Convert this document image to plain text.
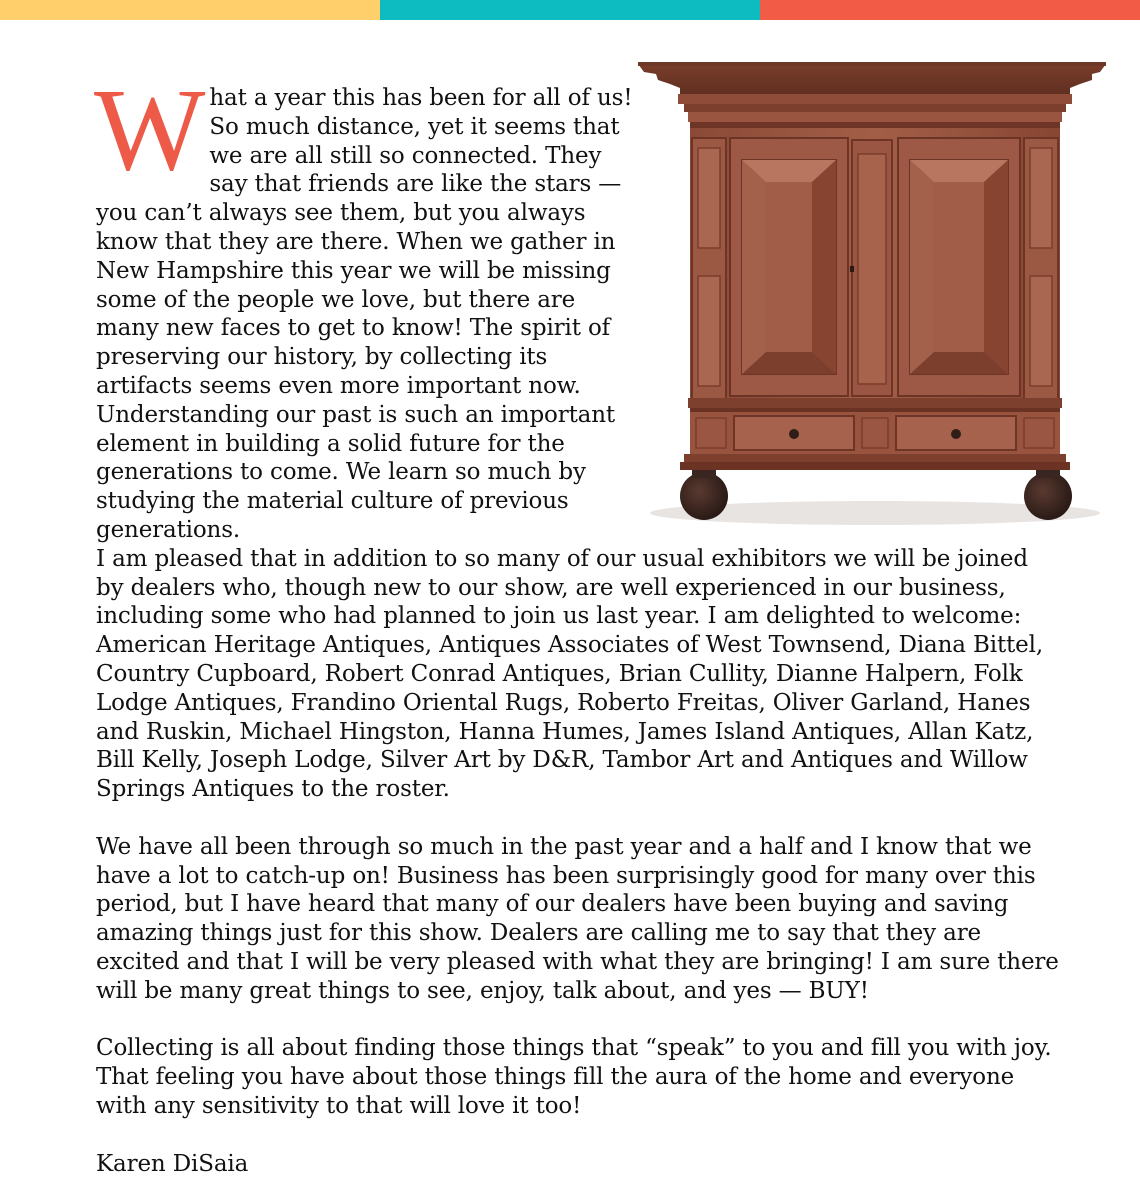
What a year this has been for all of us! So much distance, yet it seems that we are all still so connected. They say that friends are like the stars — you can’t always see them, but you always know that they are there. When we gather in New Hampshire this year we will be missing some of the people we love, but there are many new faces to get to know! The spirit of preserving our history, by collecting its artifacts seems even more important now. Understanding our past is such an important element in building a solid future for the generations to come. We learn so much by studying the material culture of previous generations.

I am pleased that in addition to so many of our usual exhibitors we will be joined by dealers who, though new to our show, are well experienced in our business, including some who had planned to join us last year. I am delighted to welcome: American Heritage Antiques, Antiques Associates of West Townsend, Diana Bittel, Country Cupboard, Robert Conrad Antiques, Brian Cullity, Dianne Halpern, Folk Lodge Antiques, Frandino Oriental Rugs, Roberto Freitas, Oliver Garland, Hanes and Ruskin, Michael Hingston, Hanna Humes, James Island Antiques, Allan Katz, Bill Kelly, Joseph Lodge, Silver Art by D&R, Tambor Art and Antiques and Willow Springs Antiques to the roster.

We have all been through so much in the past year and a half and I know that we have a lot to catch-up on! Business has been surprisingly good for many over this period, but I have heard that many of our dealers have been buying and saving amazing things just for this show. Dealers are calling me to say that they are excited and that I will be very pleased with what they are bringing! I am sure there will be many great things to see, enjoy, talk about, and yes — BUY!

Collecting is all about finding those things that “speak” to you and fill you with joy. That feeling you have about those things fill the aura of the home and everyone with any sensitivity to that will love it too!

Karen DiSaia
